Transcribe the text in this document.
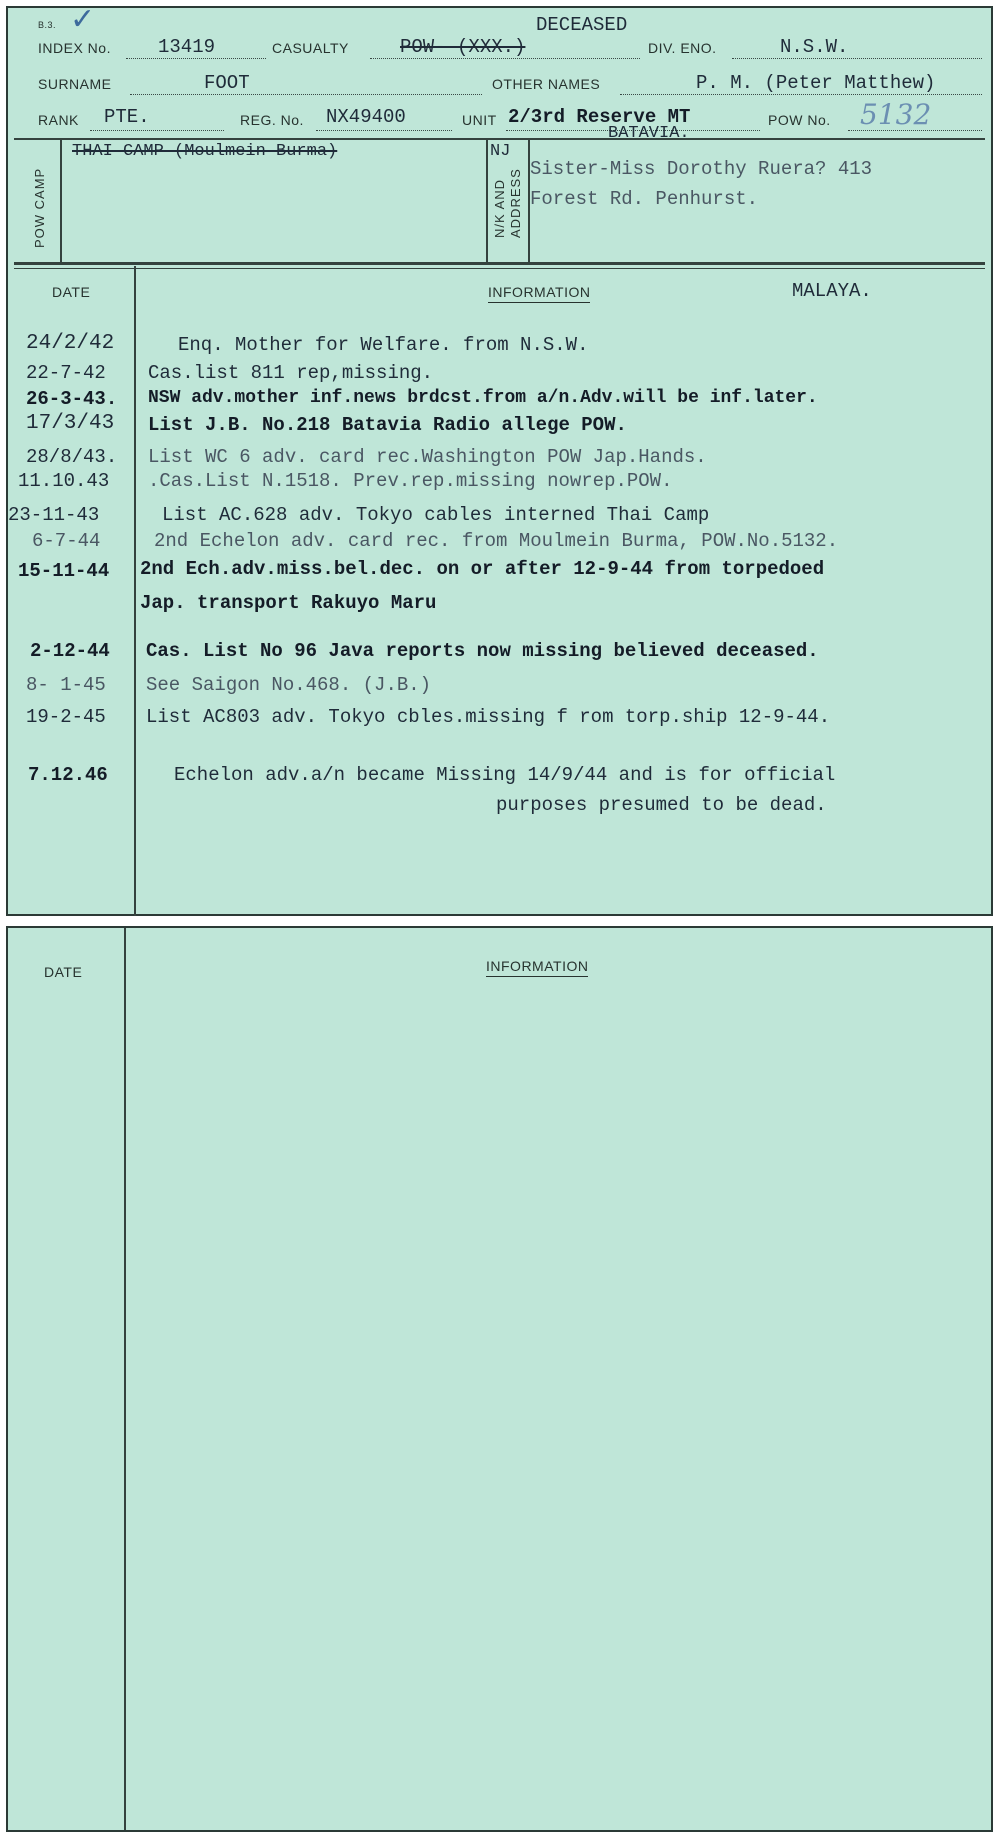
B.3. ✓
INDEX No. 13419	CASUALTY	POW- (XXX.)
DECEASED
DIV. ENO.	N.S.W.
SURNAME	FOOT	OTHER NAMES	P. M. (Peter Matthew)
RANK PTE.	REG. No. NX49400	UNIT 2/3rd Reserve MT	POW No. 5132
POW CAMP
THAI CAMP (Moulmein Burma)
BATAVIA.
N/K AND ADDRESS
NJ
Sister-Miss Dorothy Ruera? 413
Forest Rd. Penhurst.
DATE	INFORMATION	MALAYA.
24/2/42	Enq. Mother for Welfare. from N.S.W.
22-7-42 Cas.list 811 rep,missing.
26-3-43. NSW adv.mother inf.news brdcst.from a/n.Adv.will be inf.later.
17/3/43 List J.B. No.218 Batavia Radio allege POW.
28/8/43. List WC 6 adv. card rec.Washington POW Jap.Hands.
11.10.43 .Cas.List N.1518. Prev.rep.missing nowrep.POW.
23-11-43	List AC.628 adv. Tokyo cables interned Thai Camp
6-7-44	2nd Echelon adv. card rec. from Moulmein Burma, POW.No.5132.
15-11-44 2nd Ech.adv.miss.bel.dec. on or after 12-9-44 from torpedoed
Jap. transport Rakuyo Maru
2-12-44 Cas. List No 96 Java reports now missing believed deceased.
8- 1-45 See Saigon No.468. (J.B.)
19-2-45 List AC803 adv. Tokyo cbles.missing f rom torp.ship 12-9-44.
7.12.46	Echelon adv.a/n became Missing 14/9/44 and is for official
purposes presumed to be dead.
DATE	INFORMATION
